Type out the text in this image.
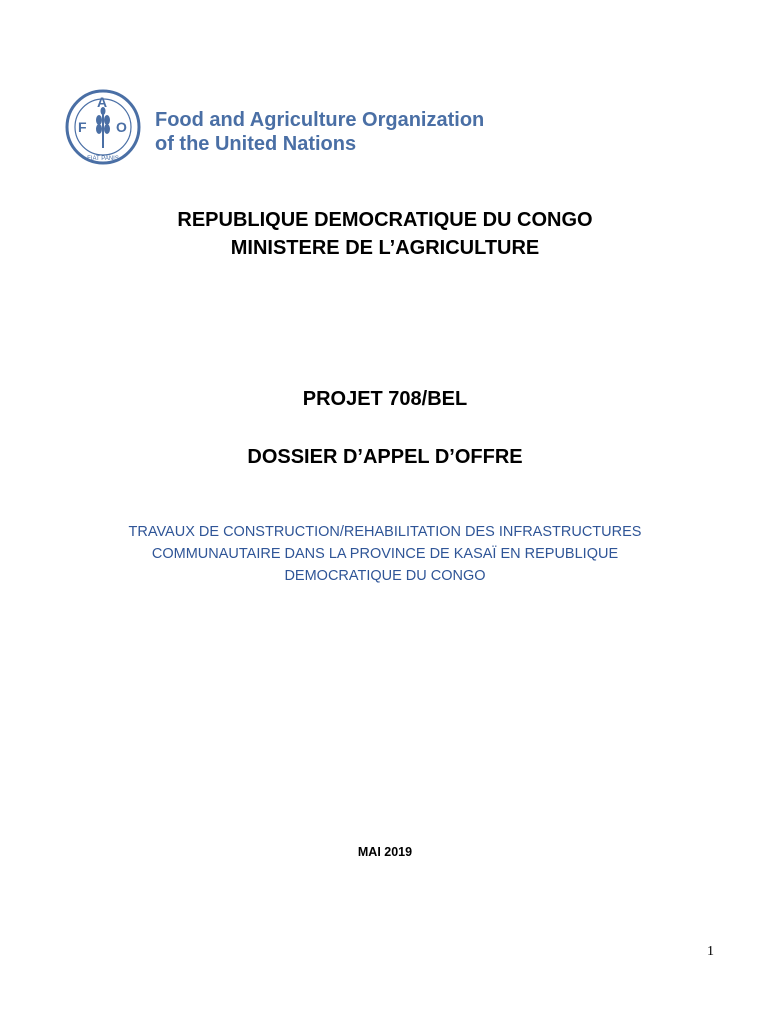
F
A
O
FIAT PANIS
Food and Agriculture Organization
of the United Nations
REPUBLIQUE DEMOCRATIQUE DU CONGO
MINISTERE DE L’AGRICULTURE
PROJET 708/BEL
DOSSIER D’APPEL D’OFFRE
TRAVAUX DE CONSTRUCTION/REHABILITATION DES INFRASTRUCTURES
COMMUNAUTAIRE DANS LA PROVINCE DE KASAÏ EN REPUBLIQUE
DEMOCRATIQUE DU CONGO
MAI 2019
1
